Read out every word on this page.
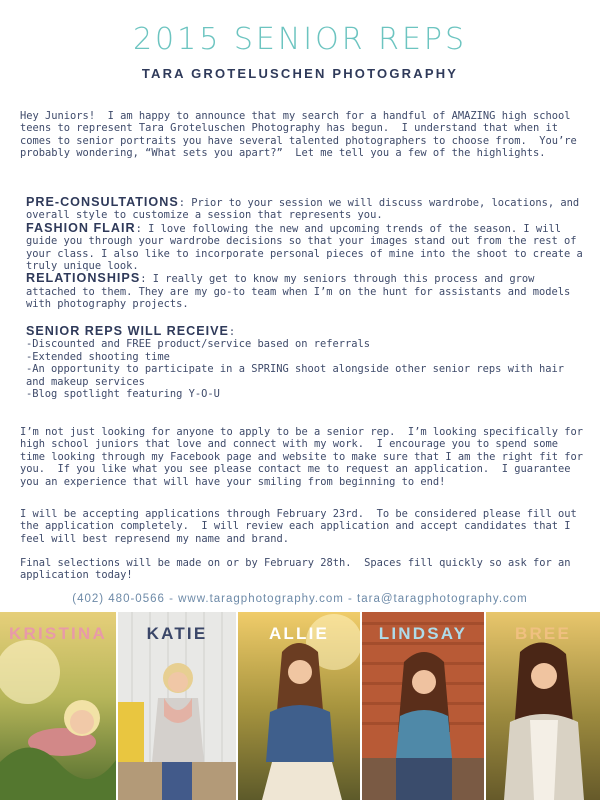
2015 SENIOR REPS
TARA GROTELUSCHEN PHOTOGRAPHY
Hey Juniors!  I am happy to announce that my search for a handful of AMAZING high school teens to represent Tara Groteluschen Photography has begun.  I understand that when it comes to senior portraits you have several talented photographers to choose from.  You’re probably wondering, “What sets you apart?”  Let me tell you a few of the highlights.

PRE-CONSULTATIONS: Prior to your session we will discuss wardrobe, locations, and overall style to customize a session that represents you.

FASHION FLAIR: I love following the new and upcoming trends of the season. I will guide you through your wardrobe decisions so that your images stand out from the rest of your class. I also like to incorporate personal pieces of mine into the shoot to create a truly unique look.

RELATIONSHIPS: I really get to know my seniors through this process and grow attached to them. They are my go-to team when I’m on the hunt for assistants and models with photography projects.

SENIOR REPS WILL RECEIVE:

-Discounted and FREE product/service based on referrals
-Extended shooting time
-An opportunity to participate in a SPRING shoot alongside other senior reps with hair and makeup services
-Blog spotlight featuring Y-O-U
I’m not just looking for anyone to apply to be a senior rep.  I’m looking specifically for high school juniors that love and connect with my work.  I encourage you to spend some time looking through my Facebook page and website to make sure that I am the right fit for you.  If you like what you see please contact me to request an application.  I guarantee you an experience that will have your smiling from beginning to end!
I will be accepting applications through February 23rd.  To be considered please fill out the application completely.  I will review each application and accept candidates that I feel will best represend my name and brand.
Final selections will be made on or by February 28th.  Spaces fill quickly so ask for an application today!
(402) 480-0566 - www.taragphotography.com - tara@taragphotography.com
KRISTINA	KATIE	ALLIE	LINDSAY	BREE
